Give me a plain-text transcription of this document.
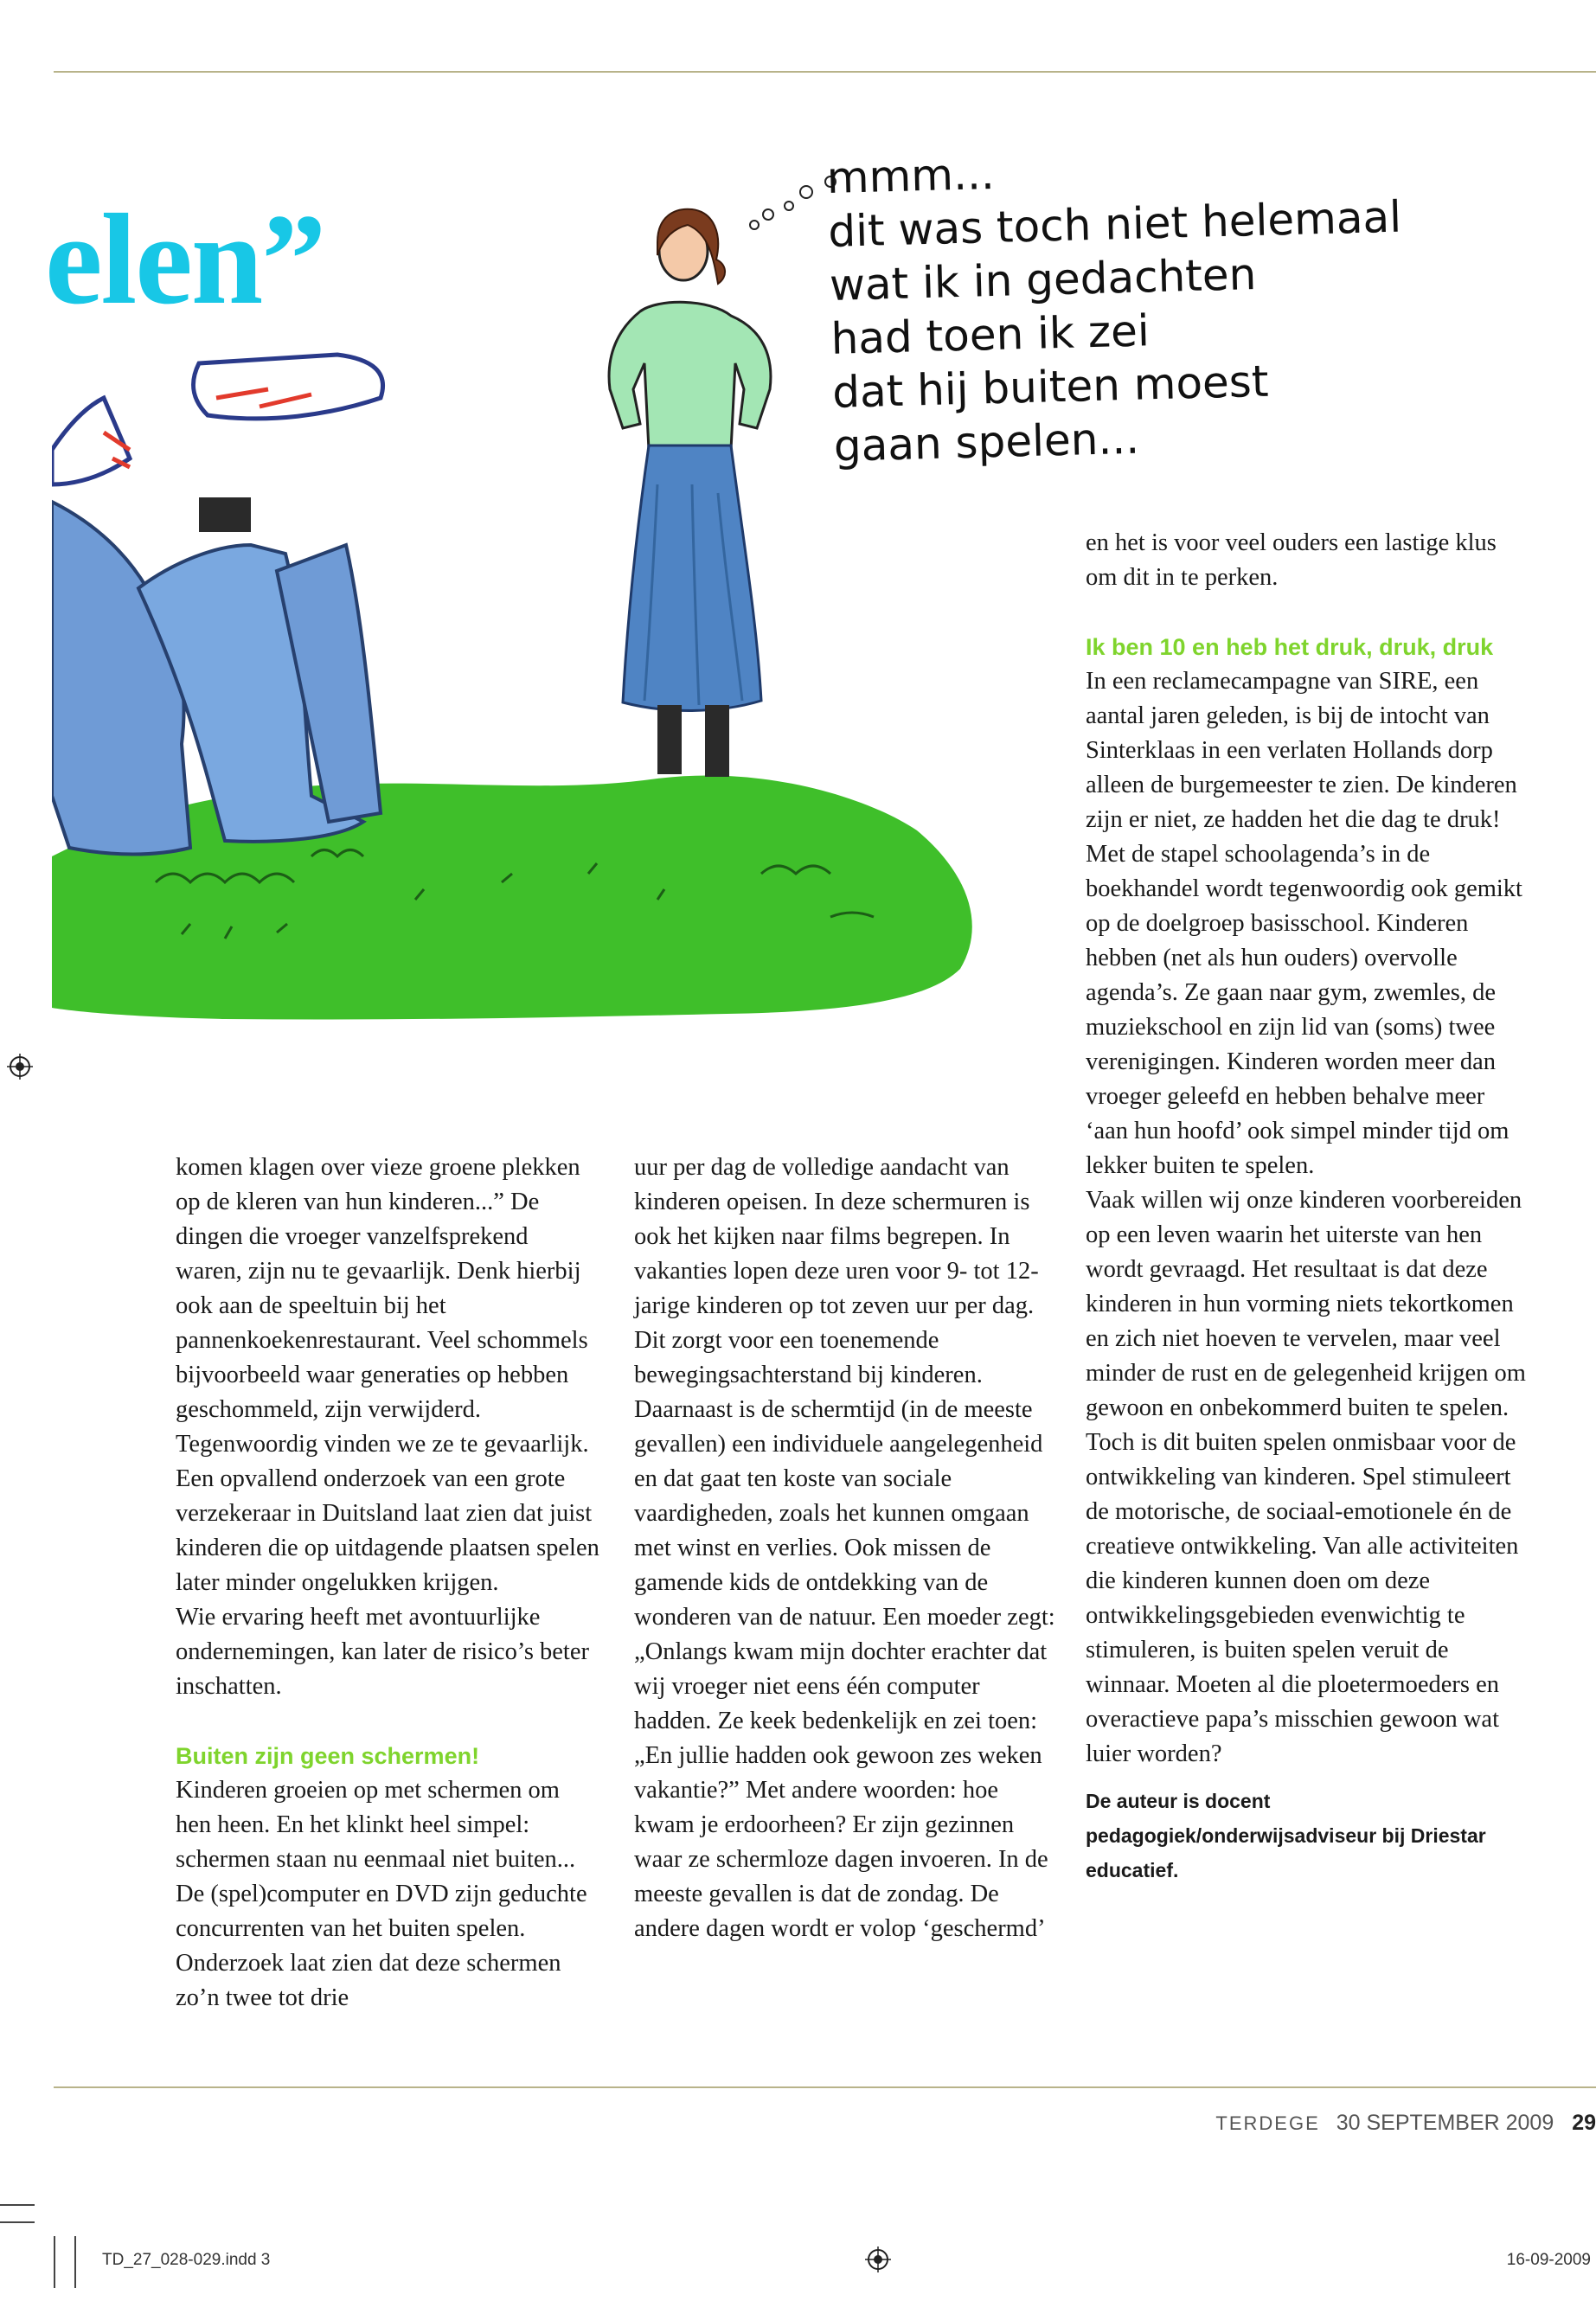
elen”
mmm...
dit was toch niet helemaal
wat ik in gedachten
had toen ik zei
dat hij buiten moest
gaan spelen...

komen klagen over vieze groene plekken op de kleren van hun kinderen...” De dingen die vroeger vanzelfsprekend waren, zijn nu te gevaarlijk. Denk hierbij ook aan de speeltuin bij het pannenkoekenrestaurant. Veel schommels bijvoorbeeld waar generaties op hebben geschommeld, zijn verwijderd. Tegenwoordig vinden we ze te gevaarlijk. Een opvallend onderzoek van een grote verzekeraar in Duitsland laat zien dat juist kinderen die op uitdagende plaatsen spelen later minder ongelukken krijgen.

Wie ervaring heeft met avontuurlijke ondernemingen, kan later de risico’s beter inschatten.

Buiten zijn geen schermen!

Kinderen groeien op met schermen om hen heen. En het klinkt heel simpel: schermen staan nu eenmaal niet buiten... De (spel)computer en DVD zijn geduchte concurrenten van het buiten spelen. Onderzoek laat zien dat deze schermen zo’n twee tot drie

uur per dag de volledige aandacht van kinderen opeisen. In deze schermuren is ook het kijken naar films begrepen. In vakanties lopen deze uren voor 9- tot 12-jarige kinderen op tot zeven uur per dag. Dit zorgt voor een toenemende bewegingsachterstand bij kinderen.

Daarnaast is de schermtijd (in de meeste gevallen) een individuele aangelegenheid en dat gaat ten koste van sociale vaardigheden, zoals het kunnen omgaan met winst en verlies. Ook missen de gamende kids de ontdekking van de wonderen van de natuur. Een moeder zegt: „Onlangs kwam mijn dochter erachter dat wij vroeger niet eens één computer hadden. Ze keek bedenkelijk en zei toen: „En jullie hadden ook gewoon zes weken vakantie?” Met andere woorden: hoe kwam je erdoorheen? Er zijn gezinnen waar ze schermloze dagen invoeren. In de meeste gevallen is dat de zondag. De andere dagen wordt er volop ‘geschermd’

en het is voor veel ouders een lastige klus om dit in te perken.

Ik ben 10 en heb het druk, druk, druk

In een reclamecampagne van SIRE, een aantal jaren geleden, is bij de intocht van Sinterklaas in een verlaten Hollands dorp alleen de burgemeester te zien. De kinderen zijn er niet, ze hadden het die dag te druk! Met de stapel schoolagenda’s in de boekhandel wordt tegenwoordig ook gemikt op de doelgroep basisschool. Kinderen hebben (net als hun ouders) overvolle agenda’s. Ze gaan naar gym, zwemles, de muziekschool en zijn lid van (soms) twee verenigingen. Kinderen worden meer dan vroeger geleefd en hebben behalve meer ‘aan hun hoofd’ ook simpel minder tijd om lekker buiten te spelen.

Vaak willen wij onze kinderen voorbereiden op een leven waarin het uiterste van hen wordt gevraagd. Het resultaat is dat deze kinderen in hun vorming niets tekortkomen en zich niet hoeven te vervelen, maar veel minder de rust en de gelegenheid krijgen om gewoon en onbekommerd buiten te spelen.

Toch is dit buiten spelen onmisbaar voor de ontwikkeling van kinderen. Spel stimuleert de motorische, de sociaal-emotionele én de creatieve ontwikkeling. Van alle activiteiten die kinderen kunnen doen om deze ontwikkelingsgebieden evenwichtig te stimuleren, is buiten spelen veruit de winnaar. Moeten al die ploetermoeders en overactieve papa’s misschien gewoon wat luier worden?

De auteur is docent pedagogiek/onderwijsadviseur bij Driestar educatief.

TERDEGE 30 SEPTEMBER 2009 29
TD_27_028-029.indd 3	16-09-2009
